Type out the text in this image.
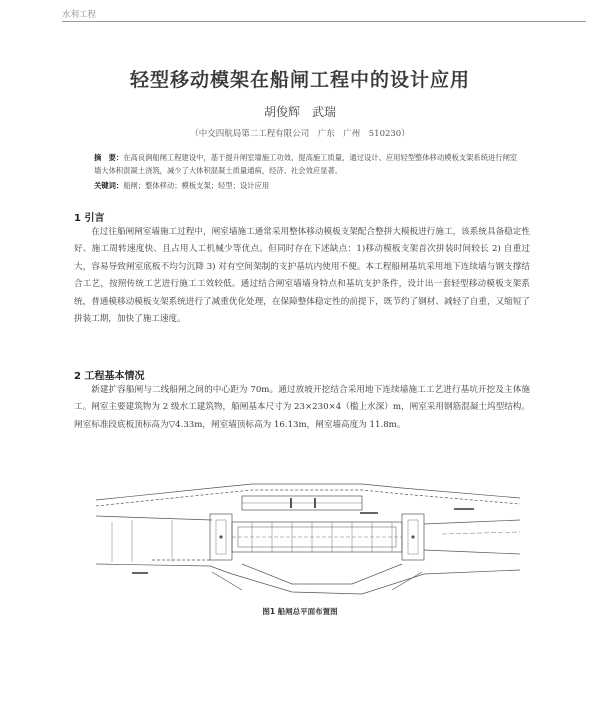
水利工程
轻型移动模架在船闸工程中的设计应用
胡俊辉　武瑞
（中交四航局第二工程有限公司　广东　广州　510230）
摘　要：在高良涧船闸工程建设中，基于提升闸室墙施工功效、提高施工质量，通过设计、应用轻型整体移动模板支架系统进行闸室墙大体积混凝土浇筑，减少了大体积混凝土质量通病，经济、社会效应显著。
关键词：船闸；整体移动；模板支架；轻型；设计应用
1 引言
在过往船闸闸室墙施工过程中，闸室墙施工通常采用整体移动模板支架配合整拼大模板进行施工，该系统具备稳定性好、施工周转速度快、且占用人工机械少等优点。但同时存在下述缺点：1)移动模板支架首次拼装时间较长 2) 自重过大，容易导致闸室底板不均匀沉降 3) 对有空间架制的支护基坑内使用不便。本工程船闸基坑采用地下连续墙与钢支撑结合工艺，按照传统工艺进行施工工效较低。通过结合闸室墙墙身特点和基坑支护条件，设计出一套轻型移动模板支架系统，普通模移动模板支架系统进行了减重优化处理，在保障整体稳定性的前提下，既节约了钢材、减轻了自重，又缩短了拼装工期，加快了施工速度。
2 工程基本情况
新建扩容船闸与二线船闸之间的中心距为 70m。通过放坡开挖结合采用地下连续墙施工工艺进行基坑开挖及主体施工。闸室主要建筑物为 2 级水工建筑物，船闸基本尺寸为 23×230×4（槛上水深）m，闸室采用钢筋混凝土坞型结构。闸室标准段底板顶标高为▽4.33m，闸室墙顶标高为 16.13m，闸室墙高度为 11.8m。
图1 船闸总平面布置图
